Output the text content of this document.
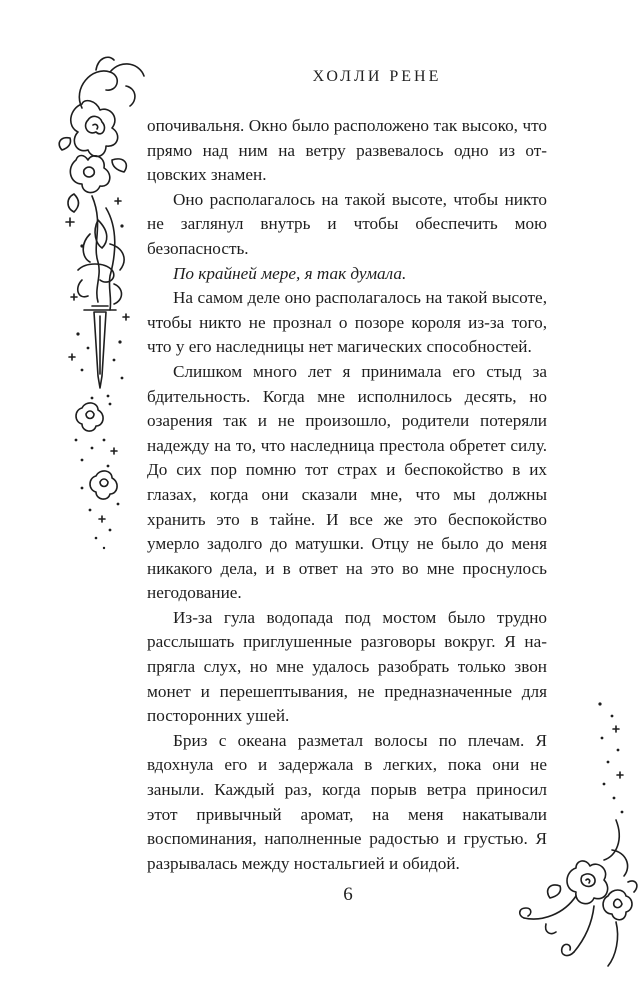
ХОЛЛИ РЕНЕ

опочивальня. Окно было расположено так высоко, что прямо над ним на ветру развевалось одно из отцовских знамен.

Оно располагалось на такой высоте, чтобы никто не заглянул внутрь и чтобы обеспечить мою безопасность.

По крайней мере, я так думала.

На самом деле оно располагалось на такой высоте, чтобы никто не прознал о позоре короля из-за того, что у его наследницы нет магических способностей.

Слишком много лет я принимала его стыд за бдительность. Когда мне исполнилось десять, но озарения так и не произошло, родители потеряли надежду на то, что наследница престола обретет силу. До сих пор помню тот страх и беспокойство в их глазах, когда они сказали мне, что мы должны хранить это в тайне. И все же это беспокойство умерло задолго до матушки. Отцу не было до меня никакого дела, и в ответ на это во мне проснулось негодование.

Из-за гула водопада под мостом было трудно расслышать приглушенные разговоры вокруг. Я напрягла слух, но мне удалось разобрать только звон монет и перешептывания, не предназначенные для посторонних ушей.

Бриз с океана разметал волосы по плечам. Я вдохнула его и задержала в легких, пока они не заныли. Каждый раз, когда порыв ветра приносил этот привычный аромат, на меня накатывали воспоминания, наполненные радостью и грустью. Я разрывалась между ностальгией и обидой.

6
